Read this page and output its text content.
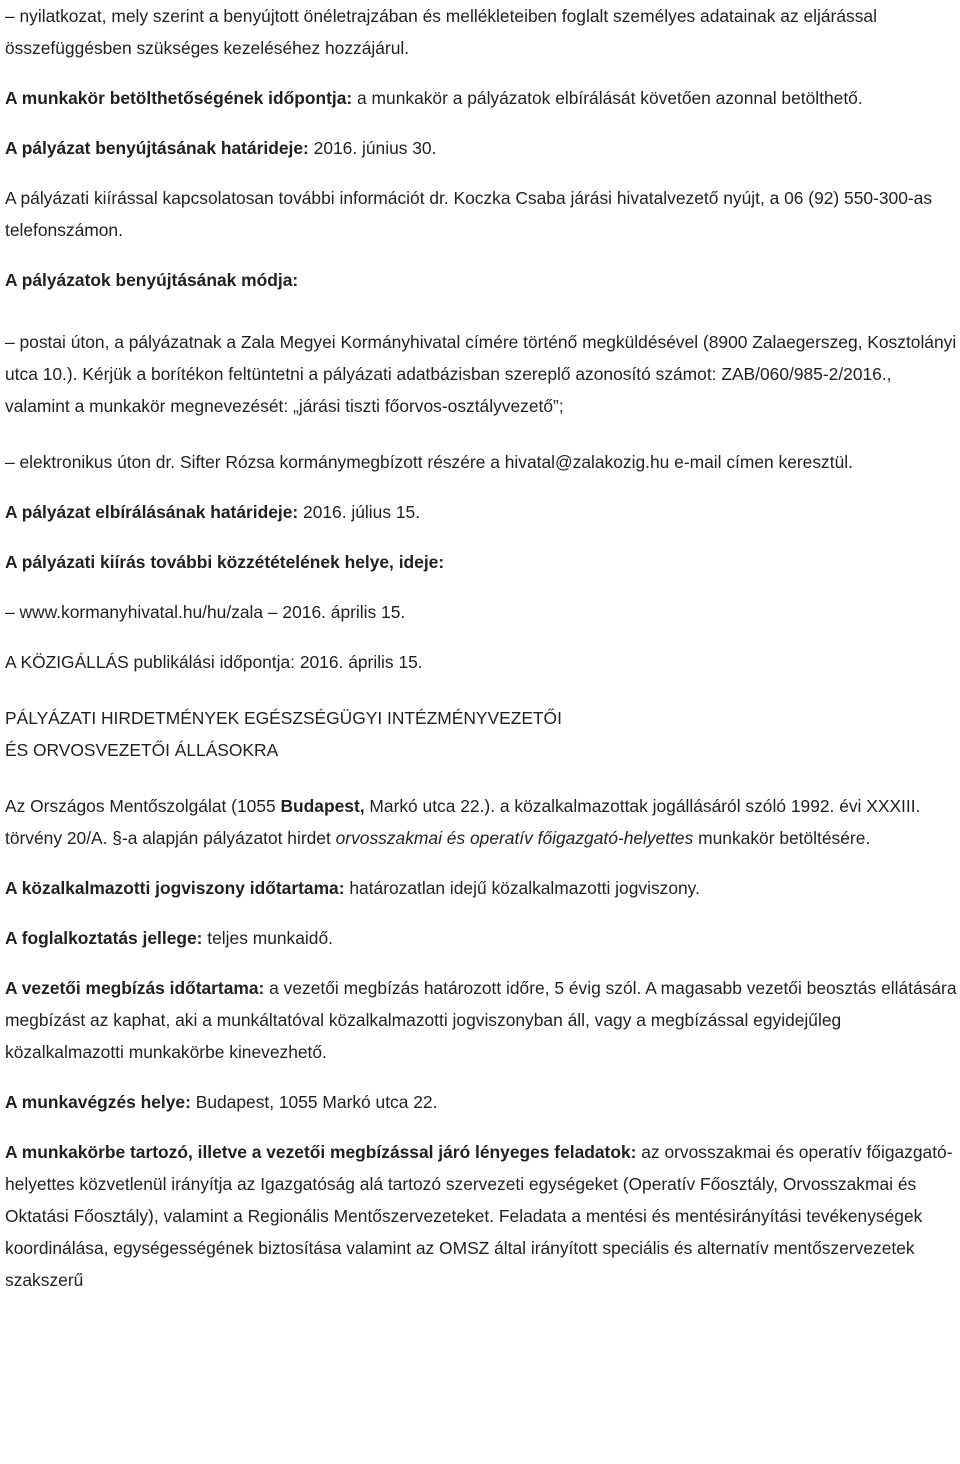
– nyilatkozat, mely szerint a benyújtott önéletrajzában és mellékleteiben foglalt személyes adatainak az eljárással összefüggésben szükséges kezeléséhez hozzájárul.

A munkakör betölthetőségének időpontja: a munkakör a pályázatok elbírálását követően azonnal betölthető.

A pályázat benyújtásának határideje: 2016. június 30.

A pályázati kiírással kapcsolatosan további információt dr. Koczka Csaba járási hivatalvezető nyújt, a 06 (92) 550-300-as telefonszámon.

A pályázatok benyújtásának módja:

– postai úton, a pályázatnak a Zala Megyei Kormányhivatal címére történő megküldésével (8900 Zalaegerszeg, Kosztolányi utca 10.). Kérjük a borítékon feltüntetni a pályázati adatbázisban szereplő azonosító számot: ZAB/060/985-2/2016., valamint a munkakör megnevezését: „járási tiszti főorvos-osztályvezető”;

– elektronikus úton dr. Sifter Rózsa kormánymegbízott részére a hivatal@zalakozig.hu e-mail címen keresztül.

A pályázat elbírálásának határideje: 2016. július 15.

A pályázati kiírás további közzétételének helye, ideje:

– www.kormanyhivatal.hu/hu/zala – 2016. április 15.

A KÖZIGÁLLÁS publikálási időpontja: 2016. április 15.

PÁLYÁZATI HIRDETMÉNYEK EGÉSZSÉGÜGYI INTÉZMÉNYVEZETŐI

ÉS ORVOSVEZETŐI ÁLLÁSOKRA

Az Országos Mentőszolgálat (1055 Budapest, Markó utca 22.). a közalkalmazottak jogállásáról szóló 1992. évi XXXIII. törvény 20/A. §-a alapján pályázatot hirdet orvosszakmai és operatív főigazgató-helyettes munkakör betöltésére.

A közalkalmazotti jogviszony időtartama: határozatlan idejű közalkalmazotti jogviszony.

A foglalkoztatás jellege: teljes munkaidő.

A vezetői megbízás időtartama: a vezetői megbízás határozott időre, 5 évig szól. A magasabb vezetői beosztás ellátására megbízást az kaphat, aki a munkáltatóval közalkalmazotti jogviszonyban áll, vagy a megbízással egyidejűleg közalkalmazotti munkakörbe kinevezhető.

A munkavégzés helye: Budapest, 1055 Markó utca 22.

A munkakörbe tartozó, illetve a vezetői megbízással járó lényeges feladatok: az orvosszakmai és operatív főigazgató-helyettes közvetlenül irányítja az Igazgatóság alá tartozó szervezeti egységeket (Operatív Főosztály, Orvosszakmai és Oktatási Főosztály), valamint a Regionális Mentőszervezeteket. Feladata a mentési és mentésirányítási tevékenységek koordinálása, egységességének biztosítása valamint az OMSZ által irányított speciális és alternatív mentőszervezetek szakszerű
